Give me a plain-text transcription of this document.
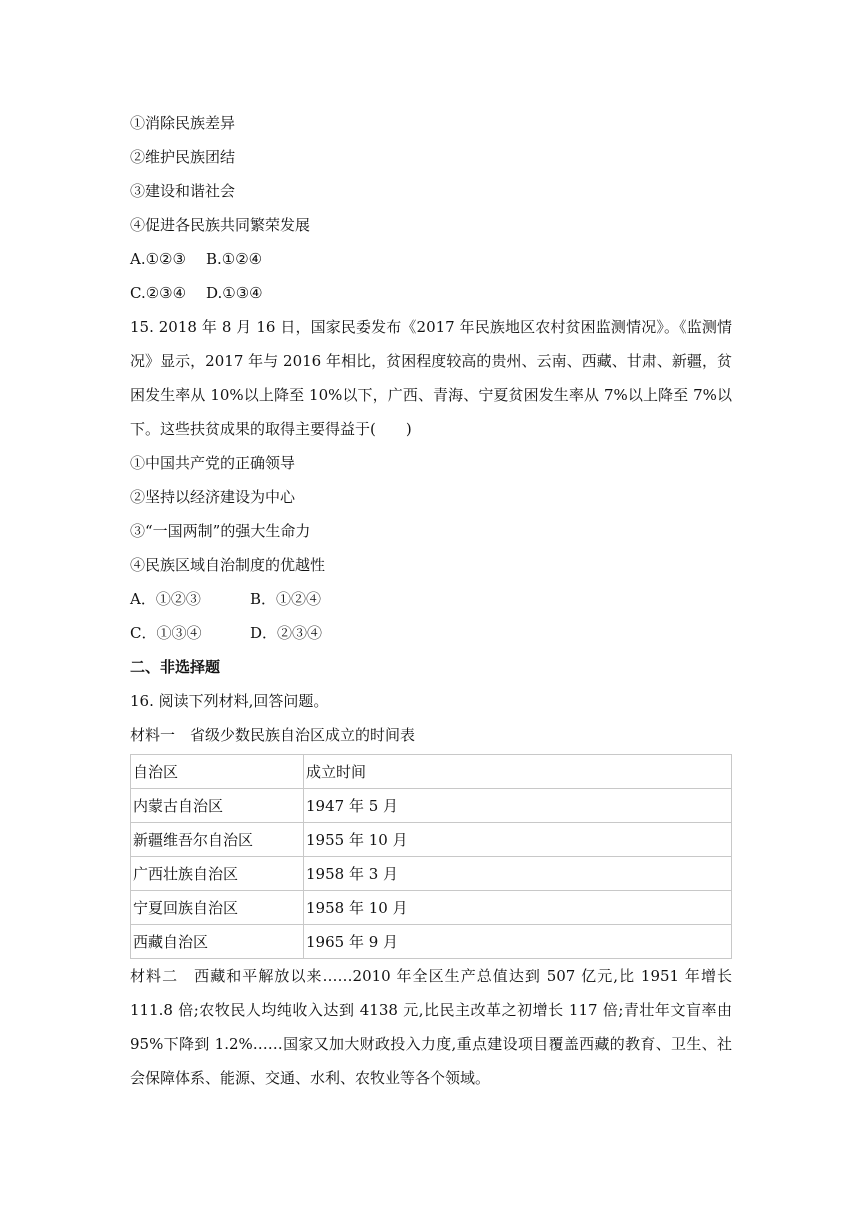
①消除民族差异
②维护民族团结
③建设和谐社会
④促进各民族共同繁荣发展
A.①②③ B.①②④
C.②③④ D.①③④
15. 2018 年 8 月 16 日，国家民委发布《2017 年民族地区农村贫困监测情况》。《监测情况》显示，2017 年与 2016 年相比，贫困程度较高的贵州、云南、西藏、甘肃、新疆，贫困发生率从 10%以上降至 10%以下，广西、青海、宁夏贫困发生率从 7%以上降至 7%以下。这些扶贫成果的取得主要得益于(　　)
①中国共产党的正确领导
②坚持以经济建设为中心
③“一国两制”的强大生命力
④民族区域自治制度的优越性
A．①②③	B．①②④
C．①③④	D．②③④
二、非选择题
16. 阅读下列材料,回答问题。
材料一　省级少数民族自治区成立的时间表
自治区	成立时间
内蒙古自治区	1947 年 5 月
新疆维吾尔自治区	1955 年 10 月
广西壮族自治区	1958 年 3 月
宁夏回族自治区	1958 年 10 月
西藏自治区	1965 年 9 月
材料二　西藏和平解放以来……2010 年全区生产总值达到 507 亿元,比 1951 年增长 111.8 倍;农牧民人均纯收入达到 4138 元,比民主改革之初增长 117 倍;青壮年文盲率由 95%下降到 1.2%……国家又加大财政投入力度,重点建设项目覆盖西藏的教育、卫生、社会保障体系、能源、交通、水利、农牧业等各个领域。
